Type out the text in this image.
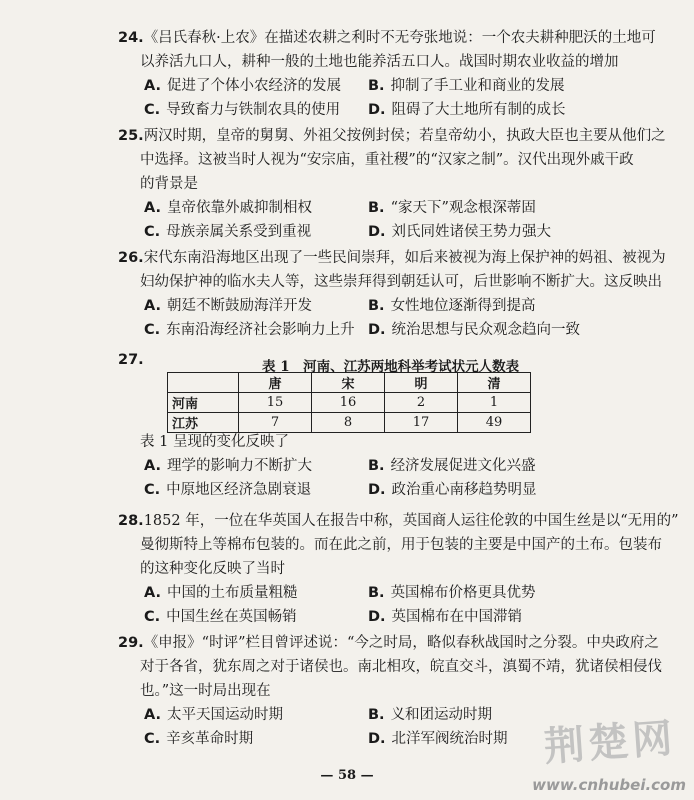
24.《吕氏春秋·上农》在描述农耕之利时不无夸张地说：一个农夫耕种肥沃的土地可
以养活九口人，耕种一般的土地也能养活五口人。战国时期农业收益的增加
A. 促进了个体小农经济的发展 B. 抑制了手工业和商业的发展
C. 导致畜力与铁制农具的使用 D. 阻碍了大土地所有制的成长
25.两汉时期，皇帝的舅舅、外祖父按例封侯；若皇帝幼小，执政大臣也主要从他们之
中选择。这被当时人视为“安宗庙，重社稷”的“汉家之制”。汉代出现外戚干政
的背景是
A. 皇帝依靠外戚抑制相权	B. “家天下”观念根深蒂固
C. 母族亲属关系受到重视	D. 刘氏同姓诸侯王势力强大
26.宋代东南沿海地区出现了一些民间崇拜，如后来被视为海上保护神的妈祖、被视为
妇幼保护神的临水夫人等，这些崇拜得到朝廷认可，后世影响不断扩大。这反映出
A. 朝廷不断鼓励海洋开发	B. 女性地位逐渐得到提高
C. 东南沿海经济社会影响力上升 D. 统治思想与民众观念趋向一致
27.	表 1　河南、江苏两地科举考试状元人数表
	唐	宋	明	清
河南	15	16	2	1
江苏	7	8	17	49
表 1 呈现的变化反映了
A. 理学的影响力不断扩大	B. 经济发展促进文化兴盛
C. 中原地区经济急剧衰退	D. 政治重心南移趋势明显
28.1852 年，一位在华英国人在报告中称，英国商人运往伦敦的中国生丝是以“无用的”
曼彻斯特上等棉布包装的。而在此之前，用于包装的主要是中国产的土布。包装布
的这种变化反映了当时
A. 中国的土布质量粗糙	B. 英国棉布价格更具优势
C. 中国生丝在英国畅销	D. 英国棉布在中国滞销
29.《申报》“时评”栏目曾评述说：“今之时局，略似春秋战国时之分裂。中央政府之
对于各省，犹东周之对于诸侯也。南北相攻，皖直交斗，滇蜀不靖，犹诸侯相侵伐
也。”这一时局出现在
A. 太平天国运动时期	B. 义和团运动时期
C. 辛亥革命时期	D. 北洋军阀统治时期
— 58 —
荆楚网
www.cnhubei.com
